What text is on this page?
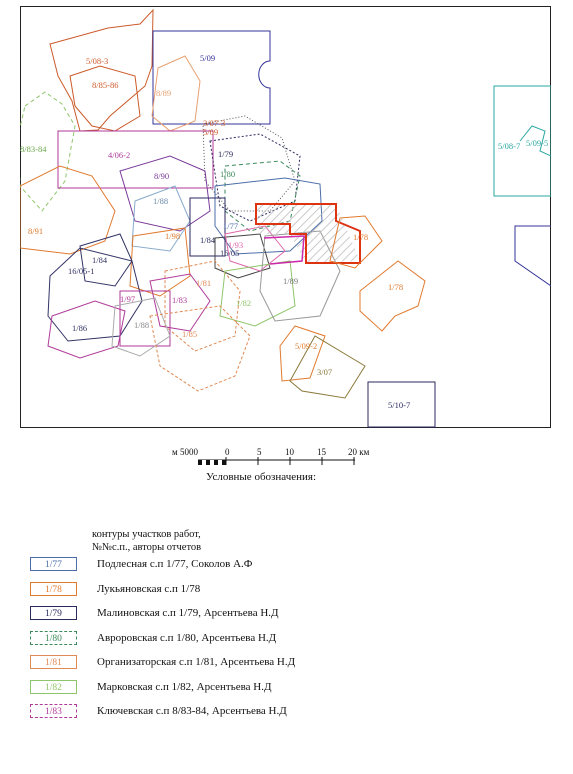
5/08-3
8/85-86
5/09
8/89
3/07-3
5/09
8/83-84
4/06-2	1/79
8/90	1/80
1/88
8/91	1/77
1/98 1/84
1/84
16/05-1
16/05
1/93
1/78
1/78
1/89
1/81
1/97	1/83	1/82
1/86	1/88
1/85
5/09-2
3/07
5/10-7
5/08-7 5/09-5
м 5000	0	5	10	15 20 км
Условные обозначения:
контуры участков работ,
№№с.п., авторы отчетов
1/77	Подлесная с.п 1/77, Соколов А.Ф
1/78	Лукьяновская с.п 1/78
1/79	Малиновская с.п 1/79, Арсентьева Н.Д
1/80	Авроровская с.п 1/80, Арсентьева Н.Д
1/81	Организаторская с.п 1/81, Арсентьева Н.Д
1/82	Марковская с.п 1/82, Арсентьева Н.Д
1/83	Ключевская с.п 8/83-84, Арсентьева Н.Д
